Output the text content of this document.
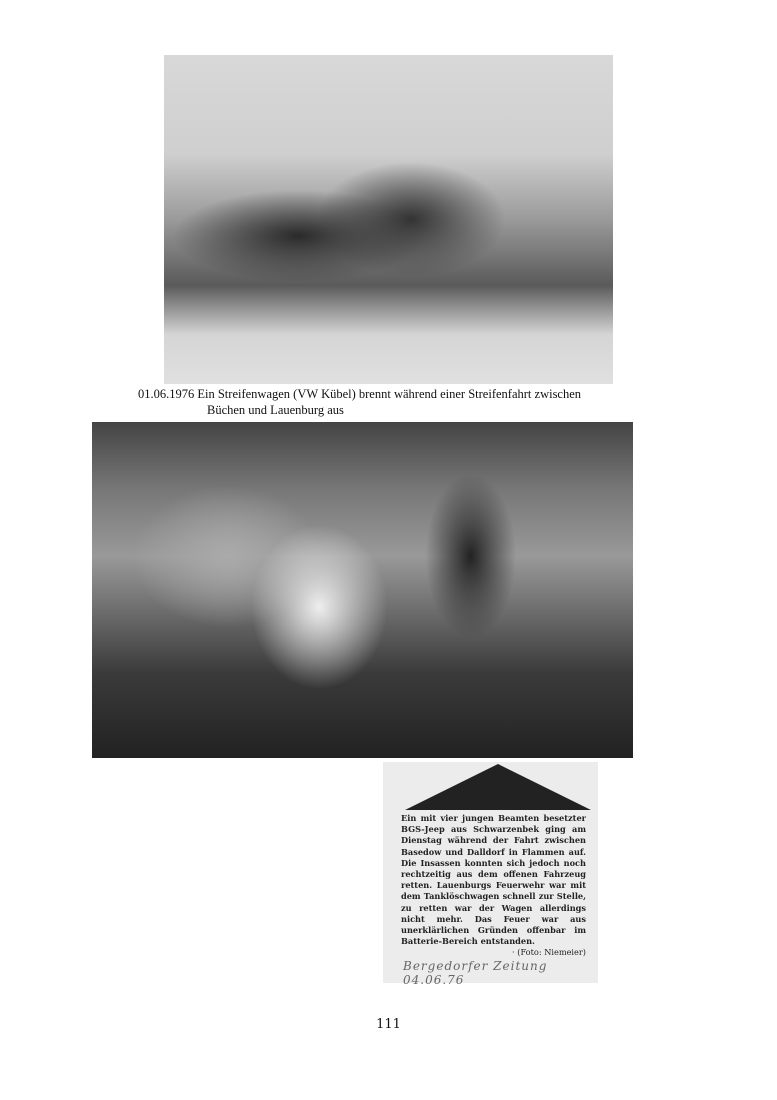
01.06.1976 Ein Streifenwagen (VW Kübel) brennt während einer Streifenfahrt zwischen
Büchen und Lauenburg aus
Ein mit vier jungen Beamten besetzter BGS-Jeep aus Schwarzenbek ging am Dienstag während der Fahrt zwischen Basedow und Dalldorf in Flammen auf. Die Insassen konnten sich jedoch noch rechtzeitig aus dem offenen Fahrzeug retten. Lauenburgs Feuerwehr war mit dem Tanklöschwagen schnell zur Stelle, zu retten war der Wagen allerdings nicht mehr. Das Feuer war aus unerklärlichen Gründen offenbar im Batterie-Bereich entstanden.
· (Foto: Niemeier)
Bergedorfer Zeitung 04.06.76
111
